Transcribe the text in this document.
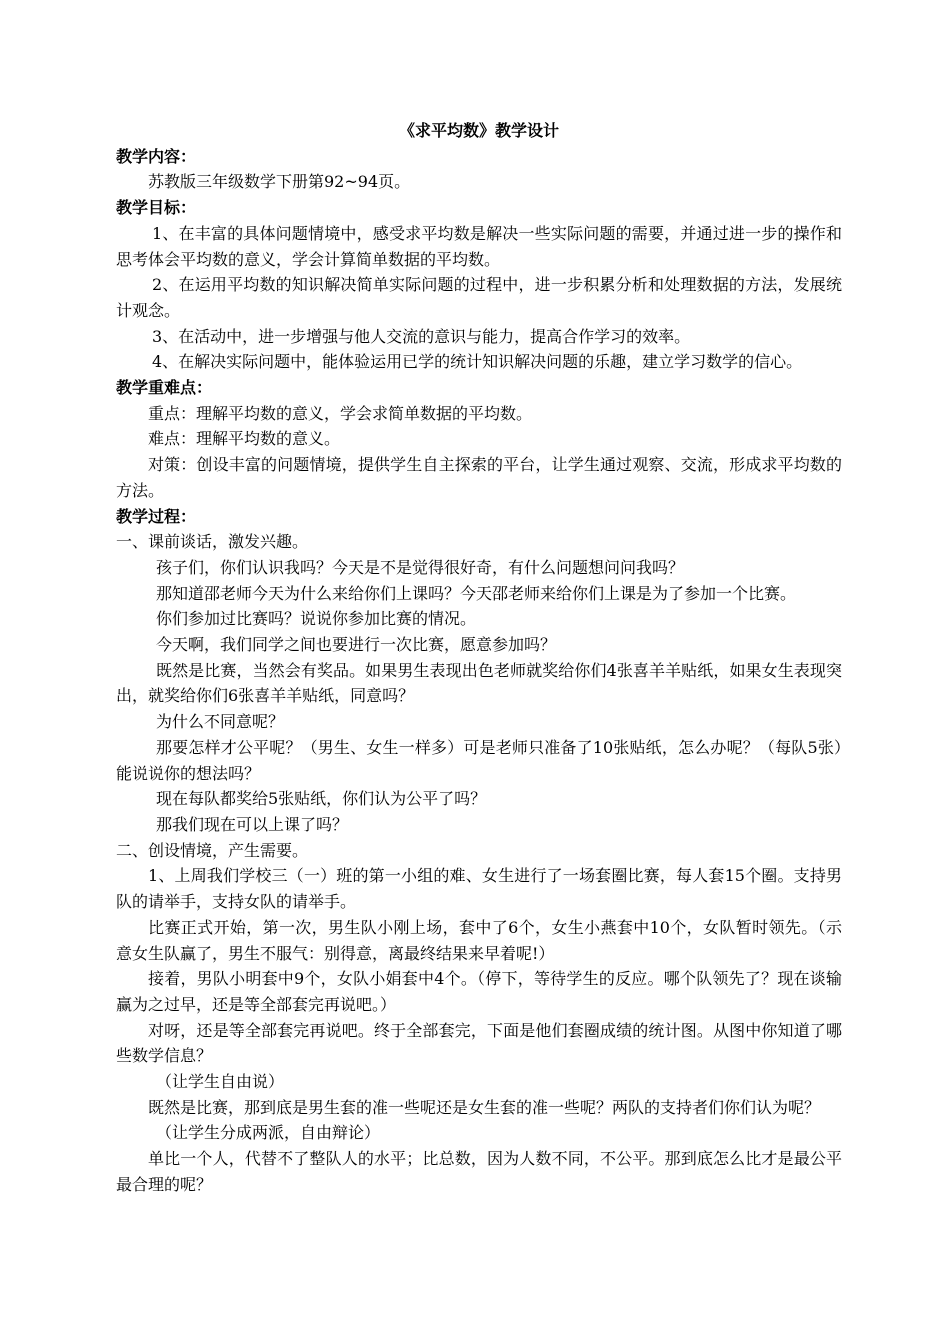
《求平均数》教学设计
教学内容：

苏教版三年级数学下册第92~94页。

教学目标：

1、在丰富的具体问题情境中，感受求平均数是解决一些实际问题的需要，并通过进一步的操作和思考体会平均数的意义，学会计算简单数据的平均数。

2、在运用平均数的知识解决简单实际问题的过程中，进一步积累分析和处理数据的方法，发展统计观念。

3、在活动中，进一步增强与他人交流的意识与能力，提高合作学习的效率。

4、在解决实际问题中，能体验运用已学的统计知识解决问题的乐趣，建立学习数学的信心。

教学重难点：

重点：理解平均数的意义，学会求简单数据的平均数。

难点：理解平均数的意义。

对策：创设丰富的问题情境，提供学生自主探索的平台，让学生通过观察、交流，形成求平均数的方法。

教学过程：

一、课前谈话，激发兴趣。

孩子们，你们认识我吗？今天是不是觉得很好奇，有什么问题想问问我吗？

那知道邵老师今天为什么来给你们上课吗？今天邵老师来给你们上课是为了参加一个比赛。

你们参加过比赛吗？说说你参加比赛的情况。

今天啊，我们同学之间也要进行一次比赛，愿意参加吗？

既然是比赛，当然会有奖品。如果男生表现出色老师就奖给你们4张喜羊羊贴纸，如果女生表现突出，就奖给你们6张喜羊羊贴纸，同意吗？

为什么不同意呢？

那要怎样才公平呢？（男生、女生一样多）可是老师只准备了10张贴纸，怎么办呢？（每队5张）能说说你的想法吗？

现在每队都奖给5张贴纸，你们认为公平了吗？

那我们现在可以上课了吗？

二、创设情境，产生需要。

1、上周我们学校三（一）班的第一小组的难、女生进行了一场套圈比赛，每人套15个圈。支持男队的请举手，支持女队的请举手。

比赛正式开始，第一次，男生队小刚上场，套中了6个，女生小燕套中10个，女队暂时领先。（示意女生队赢了，男生不服气：别得意，离最终结果来早着呢!）

接着，男队小明套中9个，女队小娟套中4个。（停下，等待学生的反应。哪个队领先了？现在谈输赢为之过早，还是等全部套完再说吧。）

对呀，还是等全部套完再说吧。终于全部套完，下面是他们套圈成绩的统计图。从图中你知道了哪些数学信息？

（让学生自由说）

既然是比赛，那到底是男生套的准一些呢还是女生套的准一些呢？两队的支持者们你们认为呢？

（让学生分成两派，自由辩论）

单比一个人，代替不了整队人的水平；比总数，因为人数不同，不公平。那到底怎么比才是最公平最合理的呢？
